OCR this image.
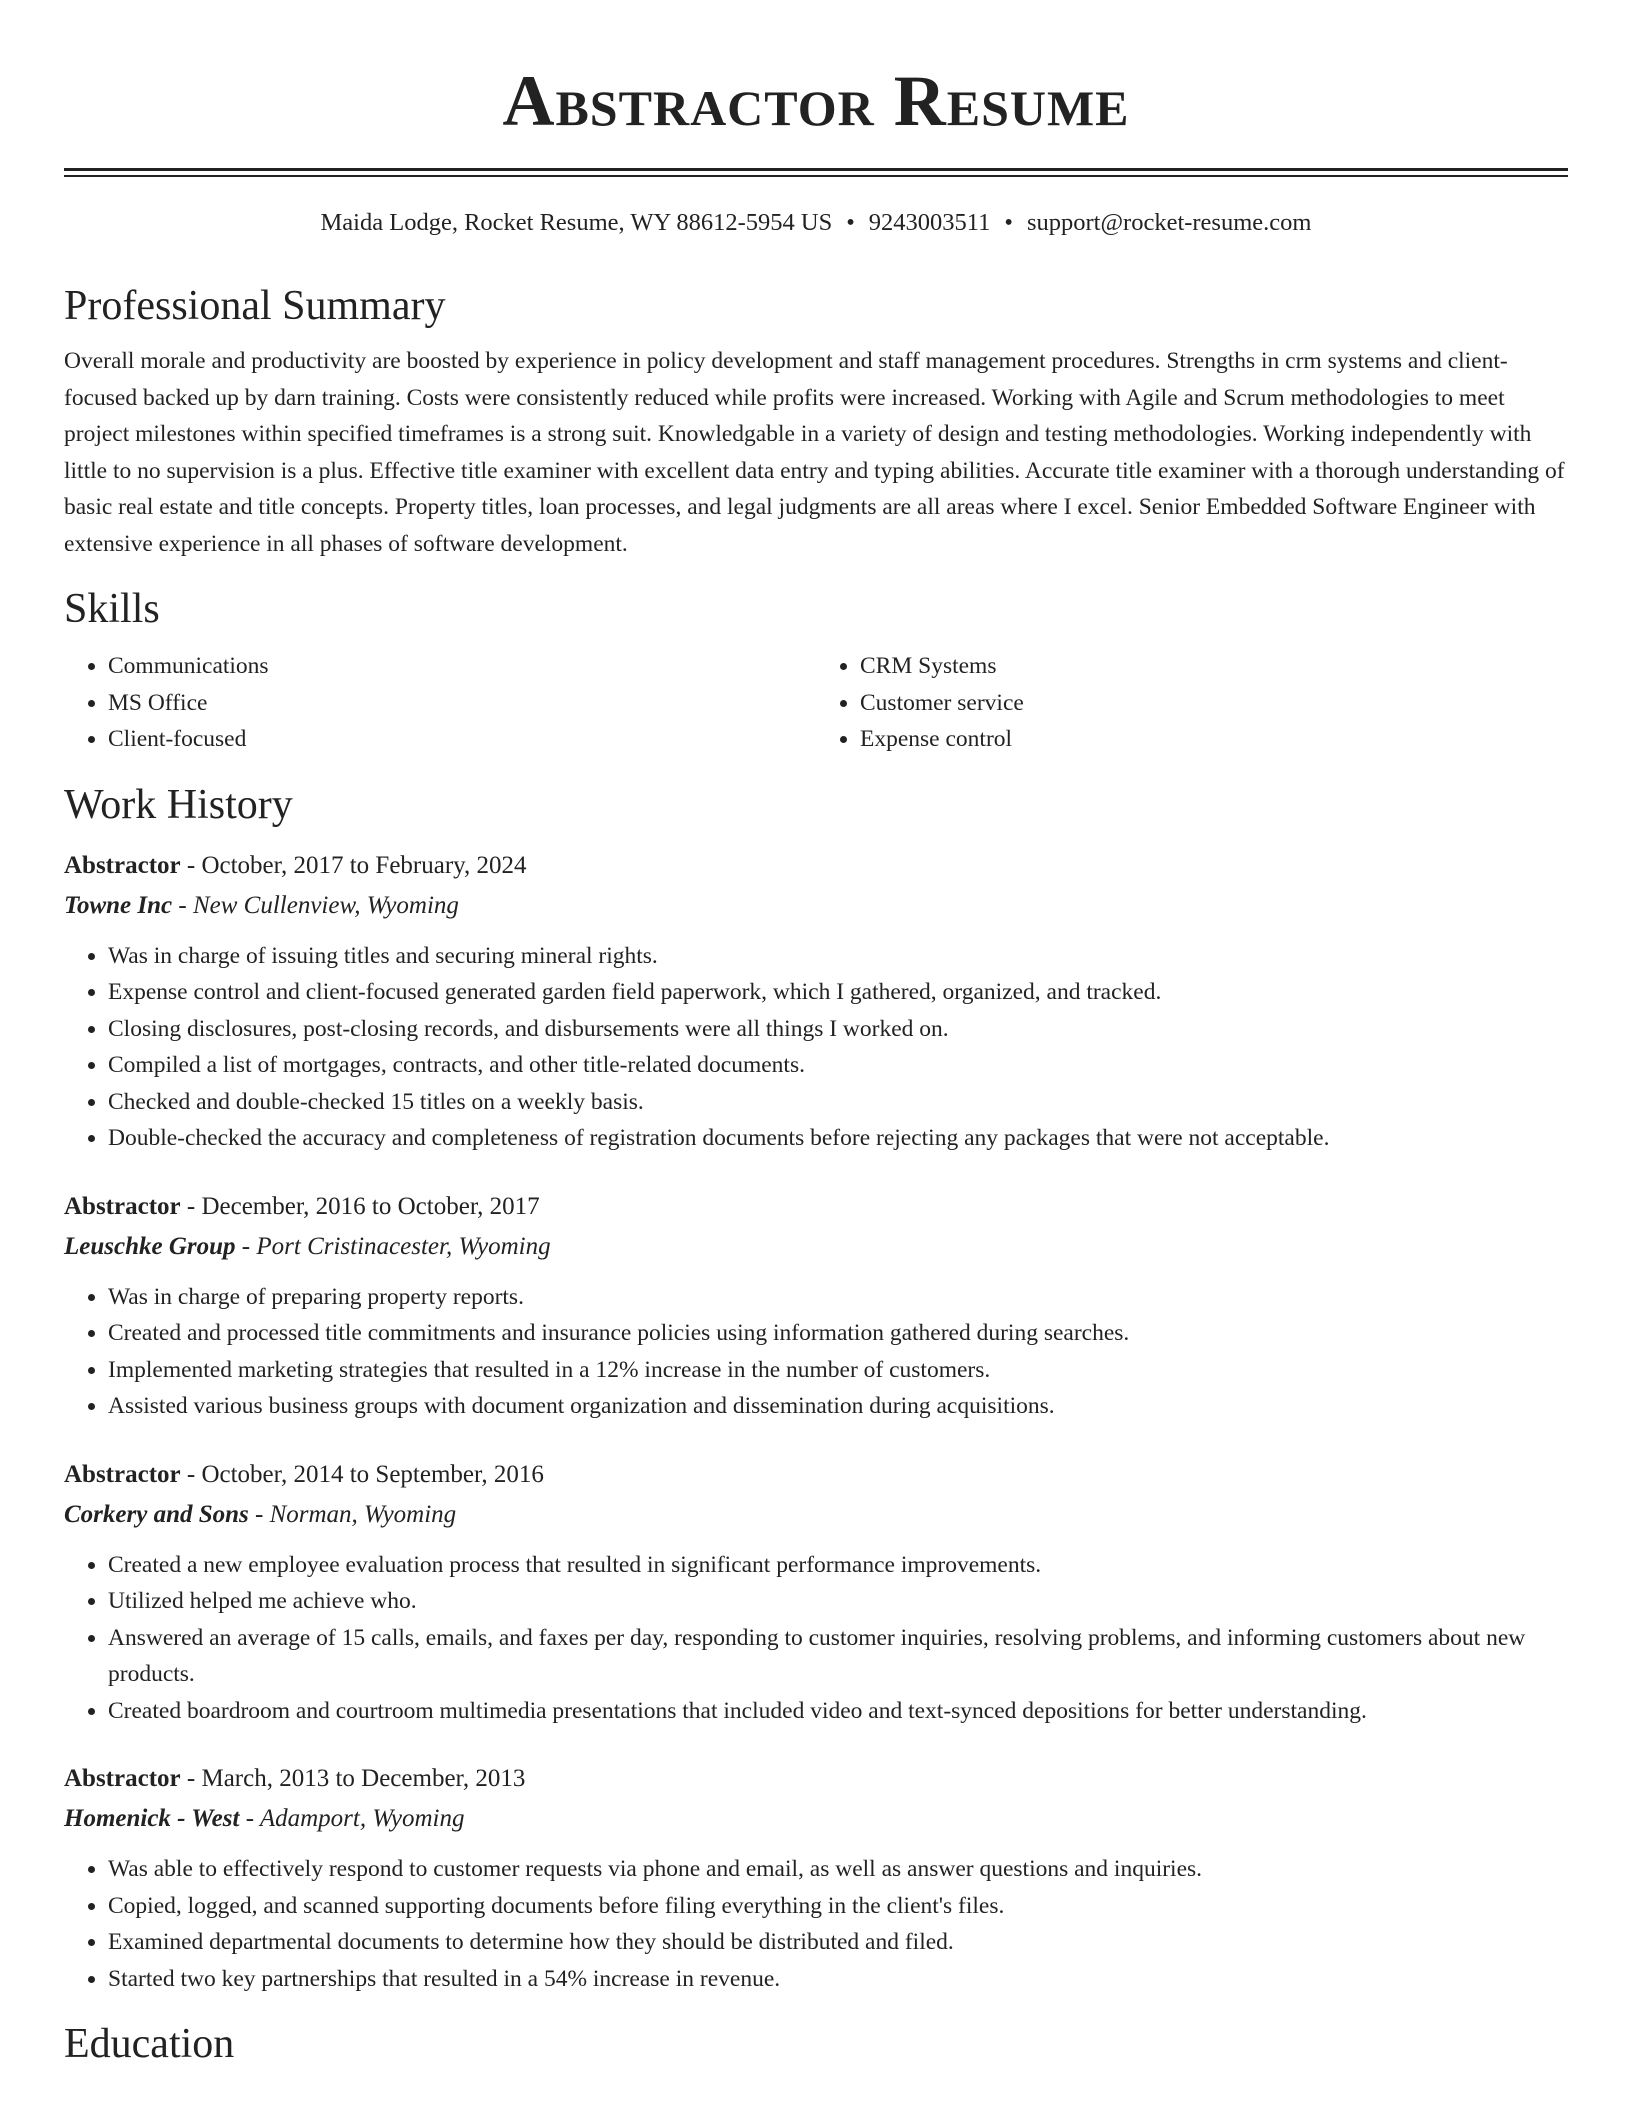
Abstractor Resume
Maida Lodge, Rocket Resume, WY 88612-5954 US • 9243003511 • support@rocket-resume.com
Professional Summary

Overall morale and productivity are boosted by experience in policy development and staff management procedures. Strengths in crm systems and client-focused backed up by darn training. Costs were consistently reduced while profits were increased. Working with Agile and Scrum methodologies to meet project milestones within specified timeframes is a strong suit. Knowledgable in a variety of design and testing methodologies. Working independently with little to no supervision is a plus. Effective title examiner with excellent data entry and typing abilities. Accurate title examiner with a thorough understanding of basic real estate and title concepts. Property titles, loan processes, and legal judgments are all areas where I excel. Senior Embedded Software Engineer with extensive experience in all phases of software development.

Skills
• Communications
• MS Office
• Client-focused
• CRM Systems
• Customer service
• Expense control
Work History
Abstractor - October, 2017 to February, 2024
Towne Inc - New Cullenview, Wyoming
• Was in charge of issuing titles and securing mineral rights.
• Expense control and client-focused generated garden field paperwork, which I gathered, organized, and tracked.
• Closing disclosures, post-closing records, and disbursements were all things I worked on.
• Compiled a list of mortgages, contracts, and other title-related documents.
• Checked and double-checked 15 titles on a weekly basis.
• Double-checked the accuracy and completeness of registration documents before rejecting any packages that were not acceptable.
Abstractor - December, 2016 to October, 2017
Leuschke Group - Port Cristinacester, Wyoming
• Was in charge of preparing property reports.
• Created and processed title commitments and insurance policies using information gathered during searches.
• Implemented marketing strategies that resulted in a 12% increase in the number of customers.
• Assisted various business groups with document organization and dissemination during acquisitions.
Abstractor - October, 2014 to September, 2016
Corkery and Sons - Norman, Wyoming
• Created a new employee evaluation process that resulted in significant performance improvements.
• Utilized helped me achieve who.
• Answered an average of 15 calls, emails, and faxes per day, responding to customer inquiries, resolving problems, and informing customers about new products.
• Created boardroom and courtroom multimedia presentations that included video and text-synced depositions for better understanding.
Abstractor - March, 2013 to December, 2013
Homenick - West - Adamport, Wyoming
• Was able to effectively respond to customer requests via phone and email, as well as answer questions and inquiries.
• Copied, logged, and scanned supporting documents before filing everything in the client's files.
• Examined departmental documents to determine how they should be distributed and filed.
• Started two key partnerships that resulted in a 54% increase in revenue.
Education
